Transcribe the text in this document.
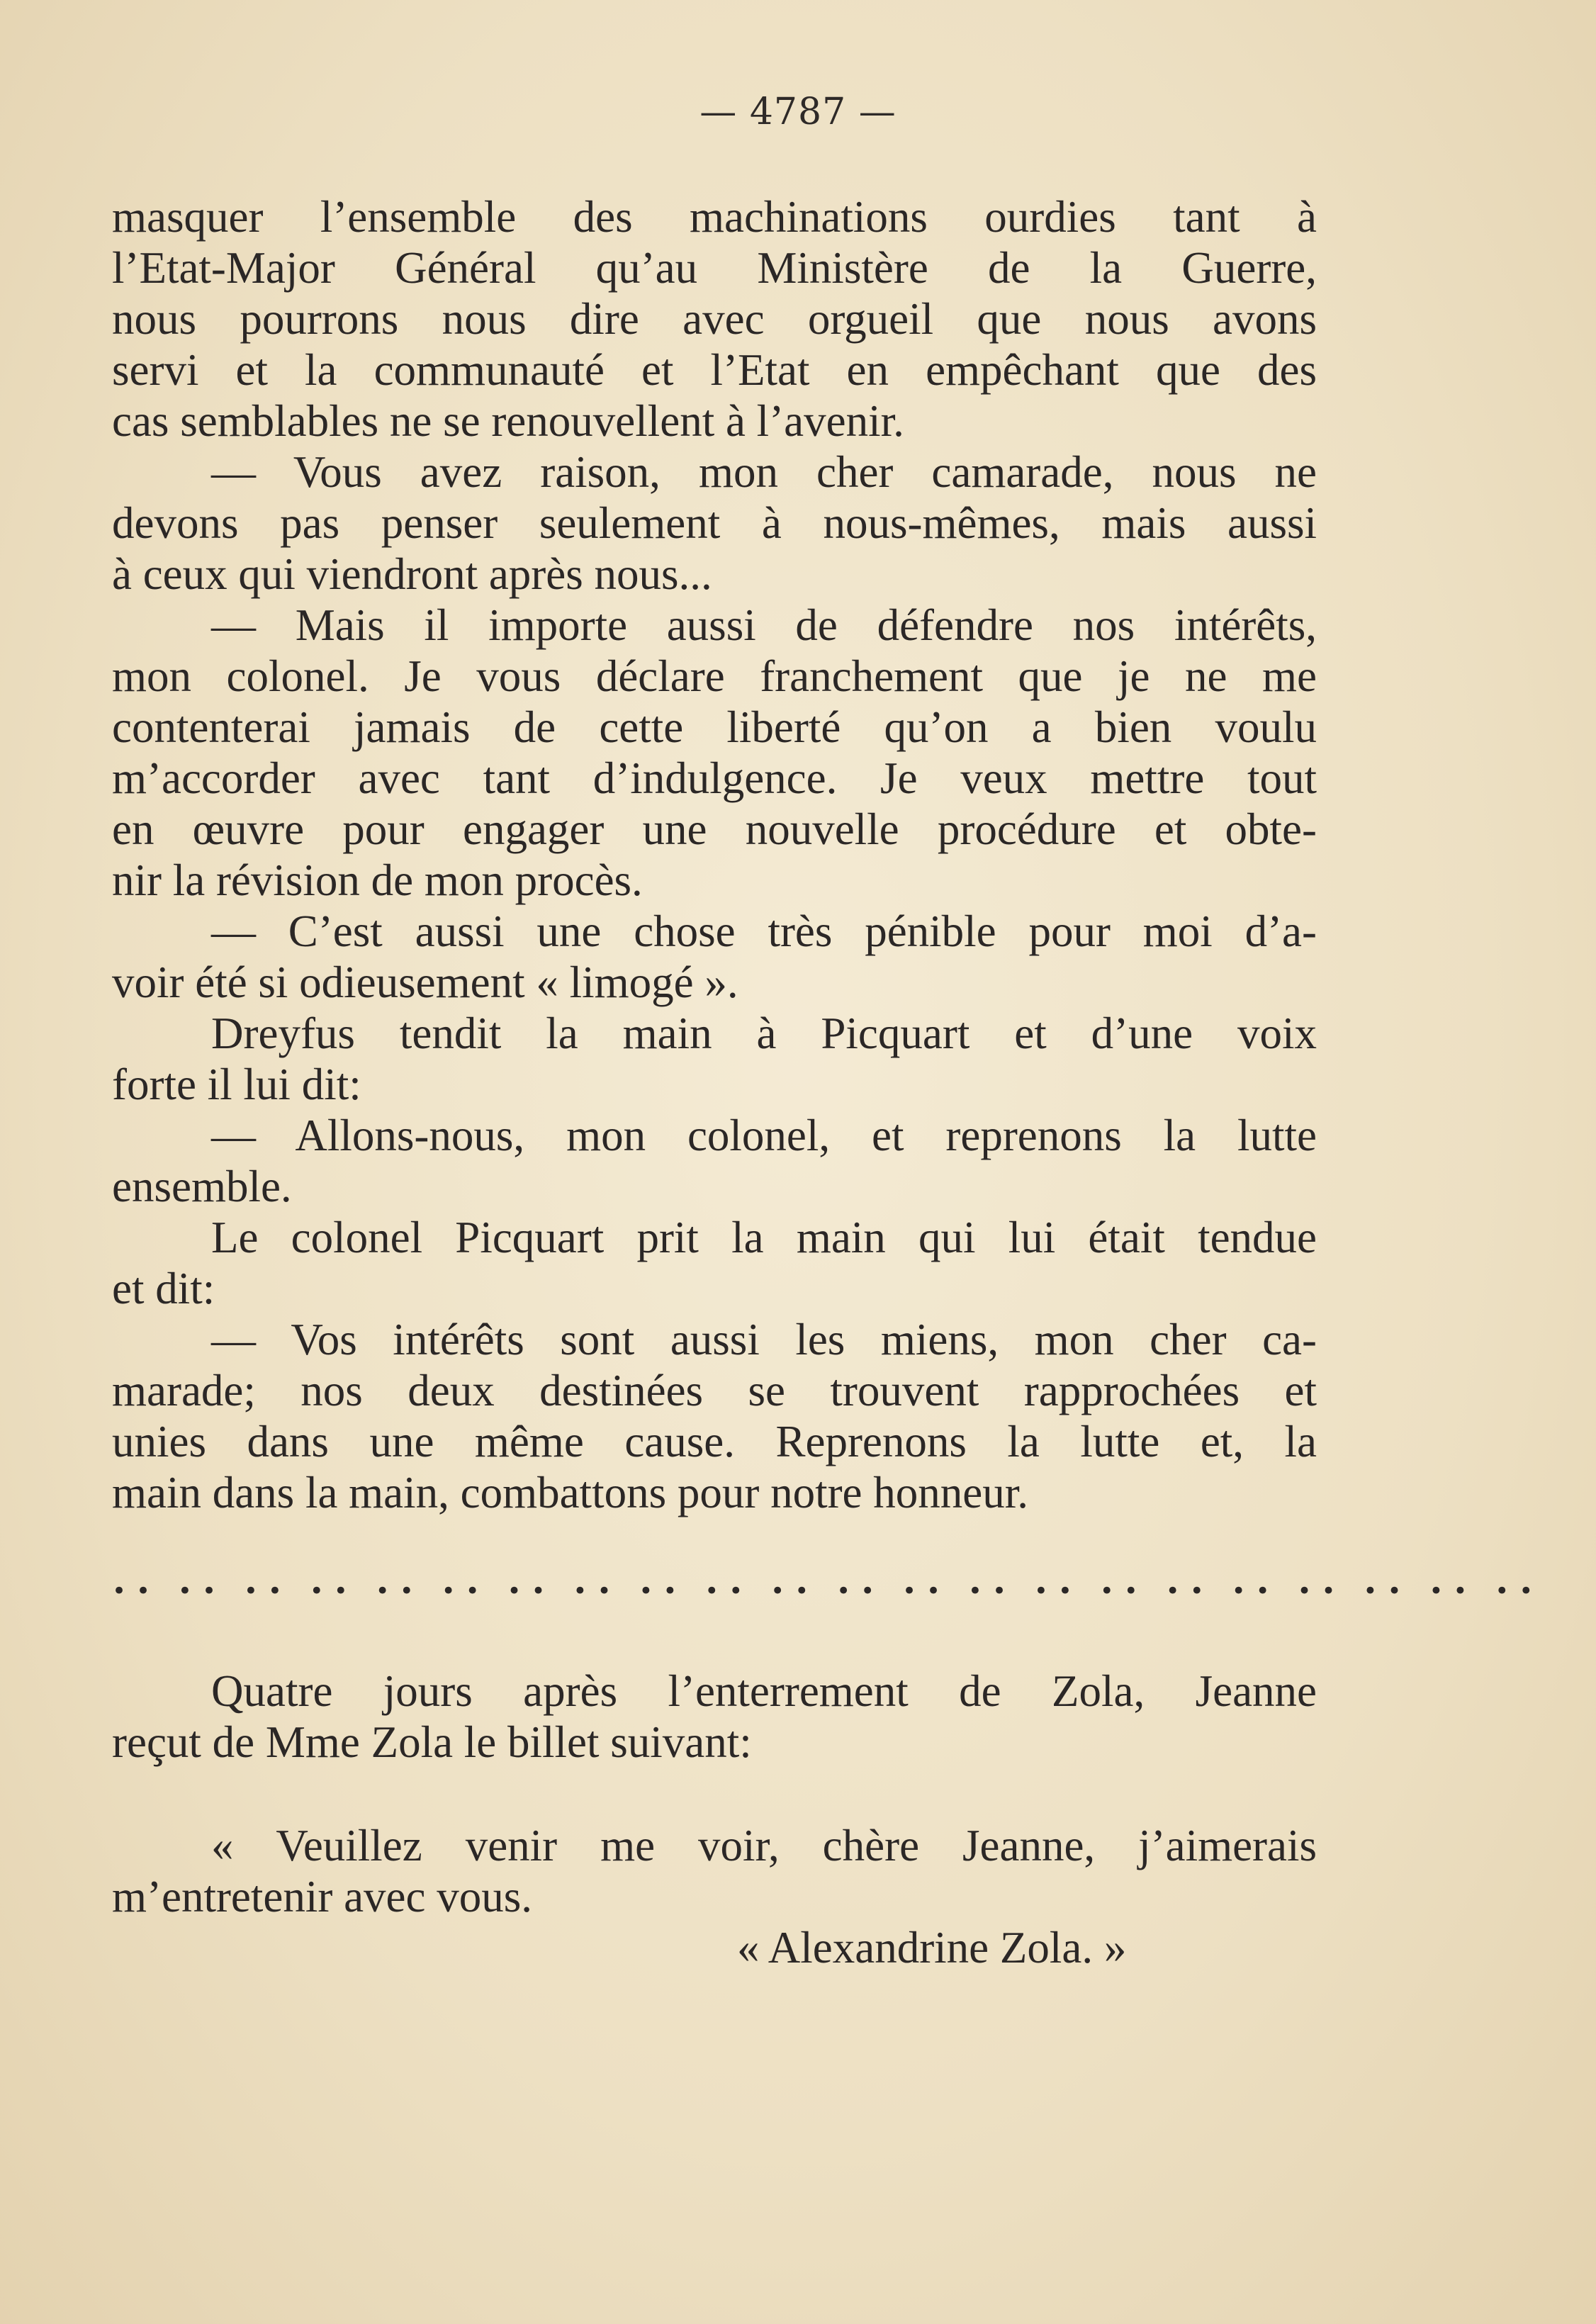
— 4787 —
masquer l’ensemble des machinations ourdies tant à
l’Etat-Major Général qu’au Ministère de la Guerre,
nous pourrons nous dire avec orgueil que nous avons
servi et la communauté et l’Etat en empêchant que des
cas semblables ne se renouvellent à l’avenir.
— Vous avez raison, mon cher camarade, nous ne
devons pas penser seulement à nous-mêmes, mais aussi
à ceux qui viendront après nous...
— Mais il importe aussi de défendre nos intérêts,
mon colonel. Je vous déclare franchement que je ne me
contenterai jamais de cette liberté qu’on a bien voulu
m’accorder avec tant d’indulgence. Je veux mettre tout
en œuvre pour engager une nouvelle procédure et obte-
nir la révision de mon procès.
— C’est aussi une chose très pénible pour moi d’a-
voir été si odieusement « limogé ».
Dreyfus tendit la main à Picquart et d’une voix
forte il lui dit:
— Allons-nous, mon colonel, et reprenons la lutte
ensemble.
Le colonel Picquart prit la main qui lui était tendue
et dit:
— Vos intérêts sont aussi les miens, mon cher ca-
marade; nos deux destinées se trouvent rapprochées et
unies dans une même cause. Reprenons la lutte et, la
main dans la main, combattons pour notre honneur.
•• •• •• •• •• •• •• •• •• •• •• •• •• •• •• •• •• •• •• •• •• ••
Quatre jours après l’enterrement de Zola, Jeanne
reçut de Mme Zola le billet suivant:
« Veuillez venir me voir, chère Jeanne, j’aimerais
m’entretenir avec vous.
« Alexandrine Zola. »
